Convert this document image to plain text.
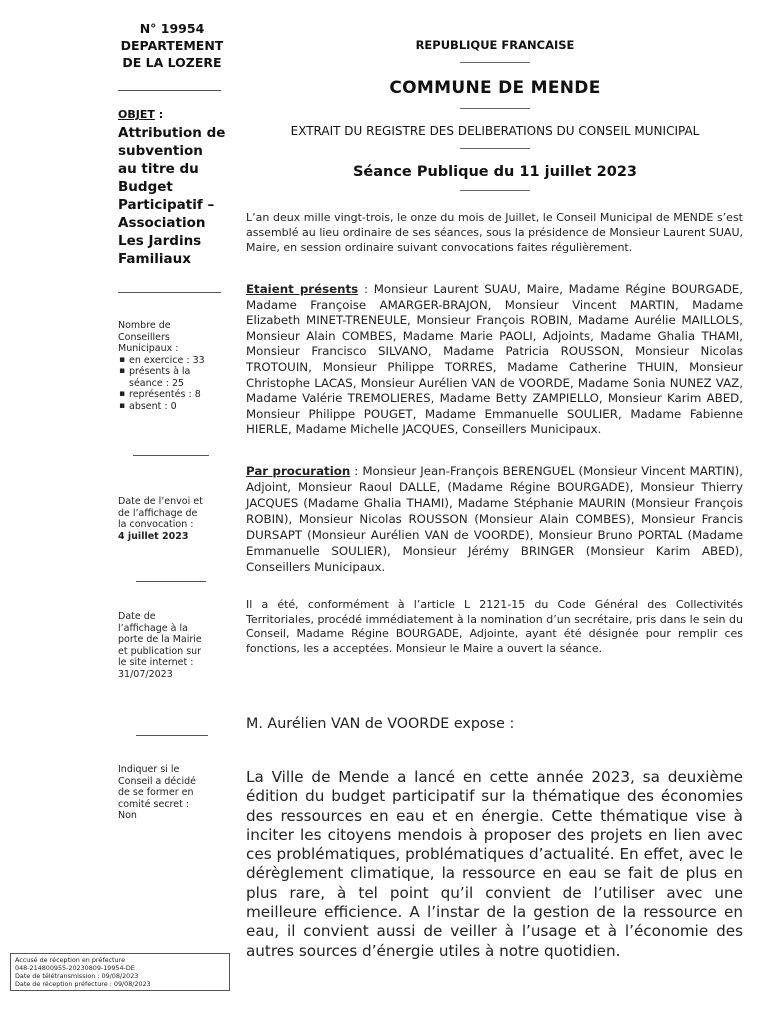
N° 19954
DEPARTEMENT
DE LA LOZERE
OBJET :
Attribution de
subvention
au titre du
Budget
Participatif –
Association
Les Jardins
Familiaux
Nombre de
Conseillers
Municipaux :
▪ en exercice : 33
▪ présents à la séance : 25
▪ représentés : 8
▪ absent : 0
Date de l’envoi et
de l’affichage de
la convocation :
4 juillet 2023
Date de
l’affichage à la
porte de la Mairie
et publication sur
le site internet :
31/07/2023
Indiquer si le
Conseil a décidé
de se former en
comité secret :
Non
REPUBLIQUE FRANCAISE
COMMUNE DE MENDE
EXTRAIT DU REGISTRE DES DELIBERATIONS DU CONSEIL MUNICIPAL
Séance Publique du 11 juillet 2023
L’an deux mille vingt-trois, le onze du mois de Juillet, le Conseil Municipal de MENDE s’est assemblé au lieu ordinaire de ses séances, sous la présidence de Monsieur Laurent SUAU, Maire, en session ordinaire suivant convocations faites régulièrement.
Etaient présents : Monsieur Laurent SUAU, Maire, Madame Régine BOURGADE, Madame Françoise AMARGER-BRAJON, Monsieur Vincent MARTIN, Madame Elizabeth MINET-TRENEULE, Monsieur François ROBIN, Madame Aurélie MAILLOLS, Monsieur Alain COMBES, Madame Marie PAOLI, Adjoints, Madame Ghalia THAMI, Monsieur Francisco SILVANO, Madame Patricia ROUSSON, Monsieur Nicolas TROTOUIN, Monsieur Philippe TORRES, Madame Catherine THUIN, Monsieur Christophe LACAS, Monsieur Aurélien VAN de VOORDE, Madame Sonia NUNEZ VAZ, Madame Valérie TREMOLIERES, Madame Betty ZAMPIELLO, Monsieur Karim ABED, Monsieur Philippe POUGET, Madame Emmanuelle SOULIER, Madame Fabienne HIERLE, Madame Michelle JACQUES, Conseillers Municipaux.
Par procuration : Monsieur Jean-François BERENGUEL (Monsieur Vincent MARTIN), Adjoint, Monsieur Raoul DALLE, (Madame Régine BOURGADE), Monsieur Thierry JACQUES (Madame Ghalia THAMI), Madame Stéphanie MAURIN (Monsieur François ROBIN), Monsieur Nicolas ROUSSON (Monsieur Alain COMBES), Monsieur Francis DURSAPT (Monsieur Aurélien VAN de VOORDE), Monsieur Bruno PORTAL (Madame Emmanuelle SOULIER), Monsieur Jérémy BRINGER (Monsieur Karim ABED), Conseillers Municipaux.
Il a été, conformément à l’article L 2121-15 du Code Général des Collectivités Territoriales, procédé immédiatement à la nomination d’un secrétaire, pris dans le sein du Conseil, Madame Régine BOURGADE, Adjointe, ayant été désignée pour remplir ces fonctions, les a acceptées. Monsieur le Maire a ouvert la séance.
M. Aurélien VAN de VOORDE expose :
La Ville de Mende a lancé en cette année 2023, sa deuxième édition du budget participatif sur la thématique des économies des ressources en eau et en énergie. Cette thématique vise à inciter les citoyens mendois à proposer des projets en lien avec ces problématiques, problématiques d’actualité. En effet, avec le dérèglement climatique, la ressource en eau se fait de plus en plus rare, à tel point qu’il convient de l’utiliser avec une meilleure efficience. A l’instar de la gestion de la ressource en eau, il convient aussi de veiller à l’usage et à l’économie des autres sources d’énergie utiles à notre quotidien.
Accusé de réception en préfecture
048-214800955-20230809-19954-DE
Date de télétransmission : 09/08/2023
Date de réception préfecture : 09/08/2023
